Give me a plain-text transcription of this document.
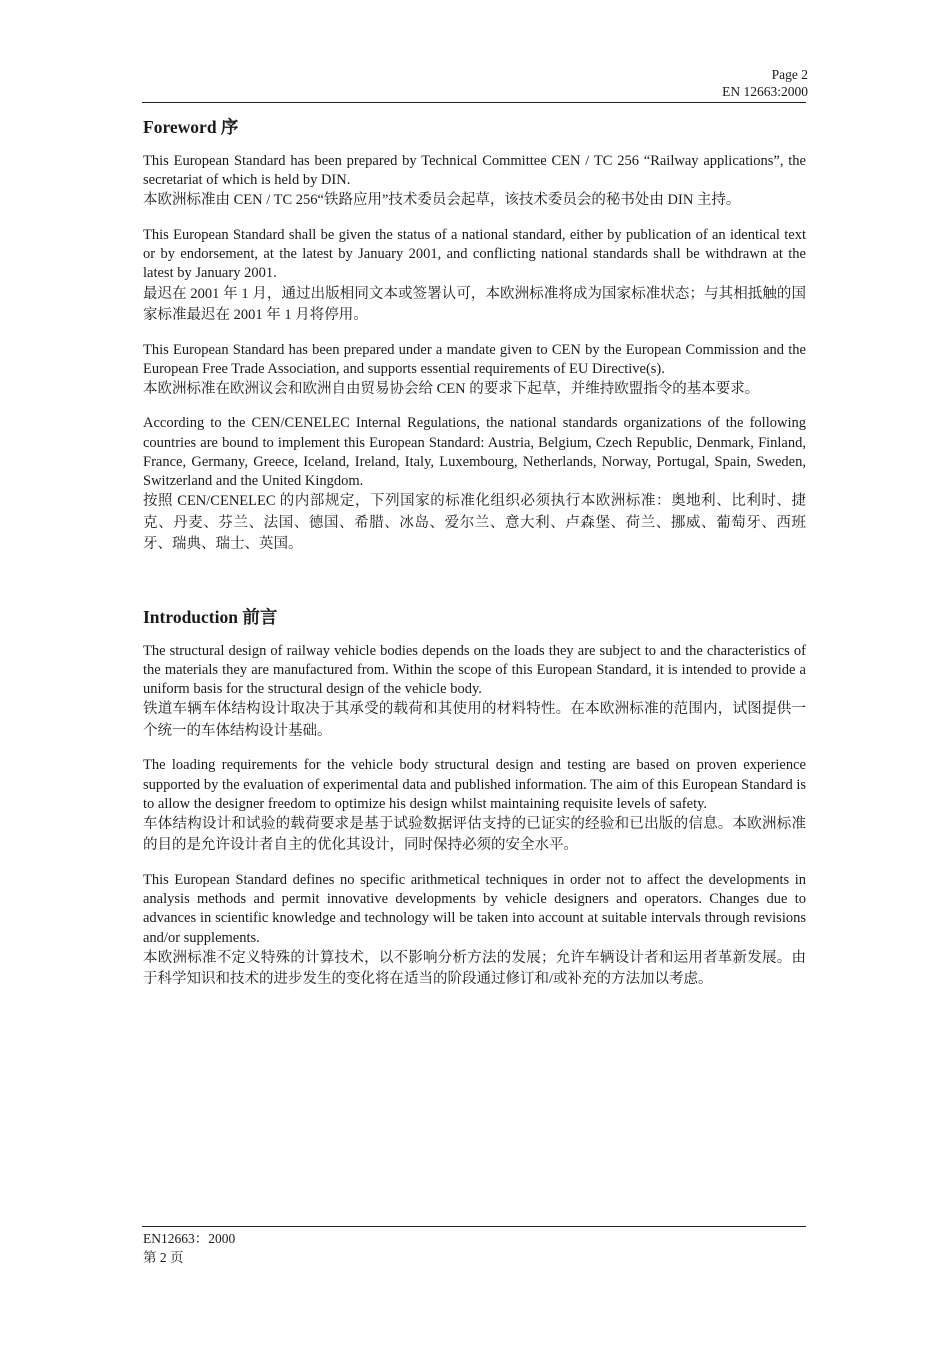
Page 2
EN 12663:2000
Foreword 序

This European Standard has been prepared by Technical Committee CEN / TC 256 “Railway applications”, the secretariat of which is held by DIN.

本欧洲标准由 CEN / TC 256“铁路应用”技术委员会起草，该技术委员会的秘书处由 DIN 主持。

This European Standard shall be given the status of a national standard, either by publication of an identical text or by endorsement, at the latest by January 2001, and conflicting national standards shall be withdrawn at the latest by January 2001.

最迟在 2001 年 1 月，通过出版相同文本或签署认可，本欧洲标准将成为国家标准状态；与其相抵触的国家标准最迟在 2001 年 1 月将停用。

This European Standard has been prepared under a mandate given to CEN by the European Commission and the European Free Trade Association, and supports essential requirements of EU Directive(s).

本欧洲标准在欧洲议会和欧洲自由贸易协会给 CEN 的要求下起草，并维持欧盟指令的基本要求。

According to the CEN/CENELEC Internal Regulations, the national standards organizations of the following countries are bound to implement this European Standard: Austria, Belgium, Czech Republic, Denmark, Finland, France, Germany, Greece, Iceland, Ireland, Italy, Luxembourg, Netherlands, Norway, Portugal, Spain, Sweden, Switzerland and the United Kingdom.

按照 CEN/CENELEC 的内部规定，下列国家的标准化组织必须执行本欧洲标准：奥地利、比利时、捷克、丹麦、芬兰、法国、德国、希腊、冰岛、爱尔兰、意大利、卢森堡、荷兰、挪威、葡萄牙、西班牙、瑞典、瑞士、英国。

Introduction 前言

The structural design of railway vehicle bodies depends on the loads they are subject to and the characteristics of the materials they are manufactured from. Within the scope of this European Standard, it is intended to provide a uniform basis for the structural design of the vehicle body.

铁道车辆车体结构设计取决于其承受的载荷和其使用的材料特性。在本欧洲标准的范围内，试图提供一个统一的车体结构设计基础。

The loading requirements for the vehicle body structural design and testing are based on proven experience supported by the evaluation of experimental data and published information. The aim of this European Standard is to allow the designer freedom to optimize his design whilst maintaining requisite levels of safety.

车体结构设计和试验的载荷要求是基于试验数据评估支持的已证实的经验和已出版的信息。本欧洲标准的目的是允许设计者自主的优化其设计，同时保持必须的安全水平。

This European Standard defines no specific arithmetical techniques in order not to affect the developments in analysis methods and permit innovative developments by vehicle designers and operators. Changes due to advances in scientific knowledge and technology will be taken into account at suitable intervals through revisions and/or supplements.

本欧洲标准不定义特殊的计算技术，以不影响分析方法的发展；允许车辆设计者和运用者革新发展。由于科学知识和技术的进步发生的变化将在适当的阶段通过修订和/或补充的方法加以考虑。

EN12663：2000
第 2 页
